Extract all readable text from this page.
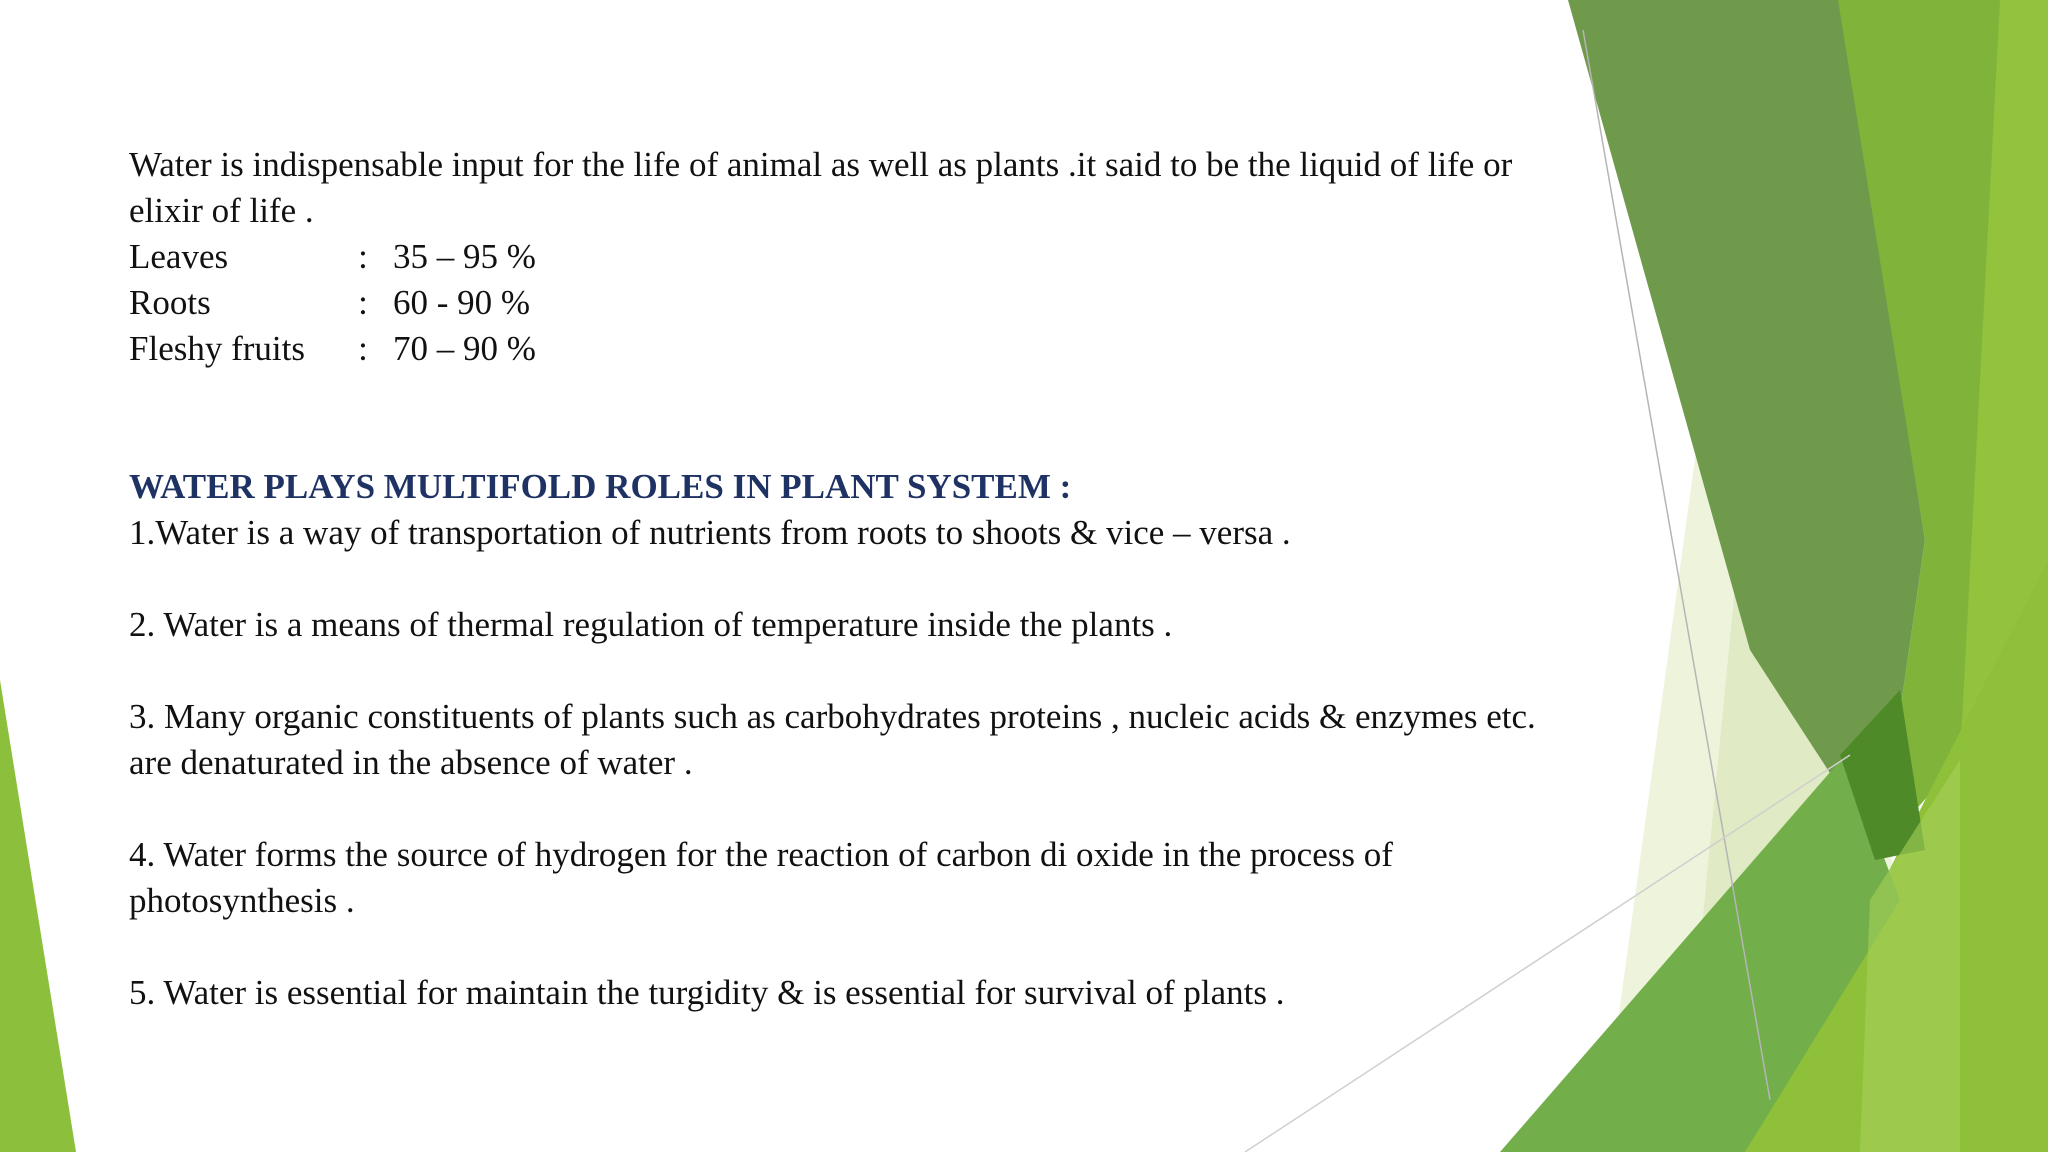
Water is indispensable input for the life of animal as well as plants .it said to be the liquid of life or
elixir of life .
Leaves	: 35 – 95 %
Roots	: 60 - 90 %
Fleshy fruits	: 70 – 90 %
WATER PLAYS MULTIFOLD ROLES IN PLANT SYSTEM :
1.Water is a way of transportation of nutrients from roots to shoots & vice – versa .
2. Water is a means of thermal regulation of temperature inside the plants .
3. Many organic constituents of plants such as carbohydrates proteins , nucleic acids & enzymes etc.
are denaturated in the absence of water .
4. Water forms the source of hydrogen for the reaction of carbon di oxide in the process of
photosynthesis .
5. Water is essential for maintain the turgidity & is essential for survival of plants .
